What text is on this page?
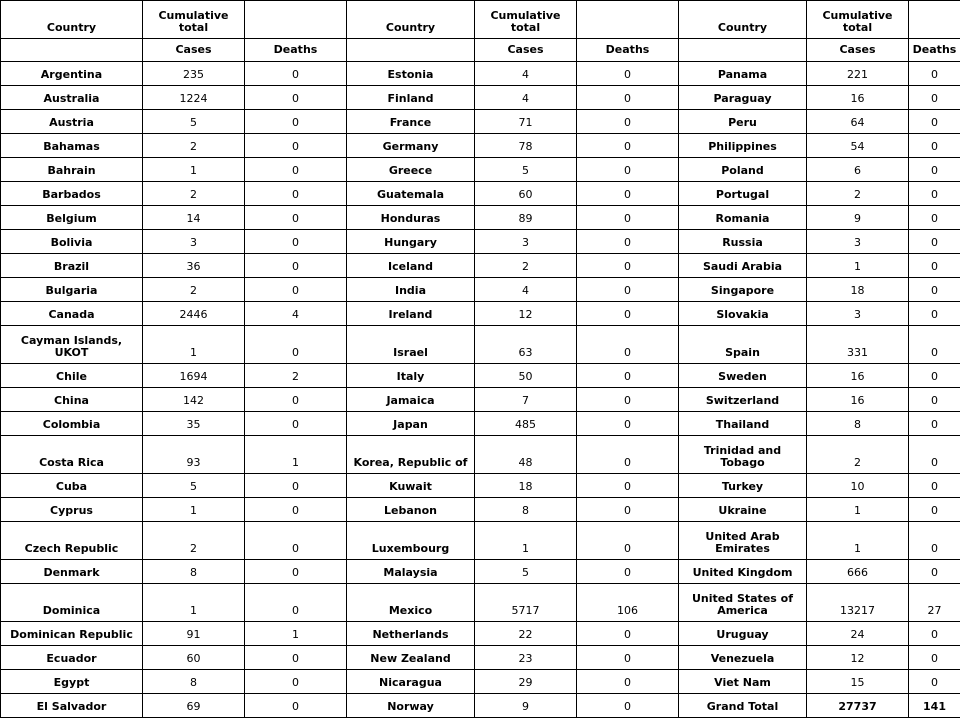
Country	Cumulative total		Country	Cumulative total		Country	Cumulative total	
	Cases	Deaths		Cases	Deaths		Cases	Deaths
Argentina	235	0	Estonia	4	0	Panama	221	0
Australia	1224	0	Finland	4	0	Paraguay	16	0
Austria	5	0	France	71	0	Peru	64	0
Bahamas	2	0	Germany	78	0	Philippines	54	0
Bahrain	1	0	Greece	5	0	Poland	6	0
Barbados	2	0	Guatemala	60	0	Portugal	2	0
Belgium	14	0	Honduras	89	0	Romania	9	0
Bolivia	3	0	Hungary	3	0	Russia	3	0
Brazil	36	0	Iceland	2	0	Saudi Arabia	1	0
Bulgaria	2	0	India	4	0	Singapore	18	0
Canada	2446	4	Ireland	12	0	Slovakia	3	0
Cayman Islands, UKOT	1	0	Israel	63	0	Spain	331	0
Chile	1694	2	Italy	50	0	Sweden	16	0
China	142	0	Jamaica	7	0	Switzerland	16	0
Colombia	35	0	Japan	485	0	Thailand	8	0
Costa Rica	93	1	Korea, Republic of	48	0	Trinidad and Tobago	2	0
Cuba	5	0	Kuwait	18	0	Turkey	10	0
Cyprus	1	0	Lebanon	8	0	Ukraine	1	0
Czech Republic	2	0	Luxembourg	1	0	United Arab Emirates	1	0
Denmark	8	0	Malaysia	5	0	United Kingdom	666	0
Dominica	1	0	Mexico	5717	106	United States of America	13217	27
Dominican Republic	91	1	Netherlands	22	0	Uruguay	24	0
Ecuador	60	0	New Zealand	23	0	Venezuela	12	0
Egypt	8	0	Nicaragua	29	0	Viet Nam	15	0
El Salvador	69	0	Norway	9	0	Grand Total	27737	141
